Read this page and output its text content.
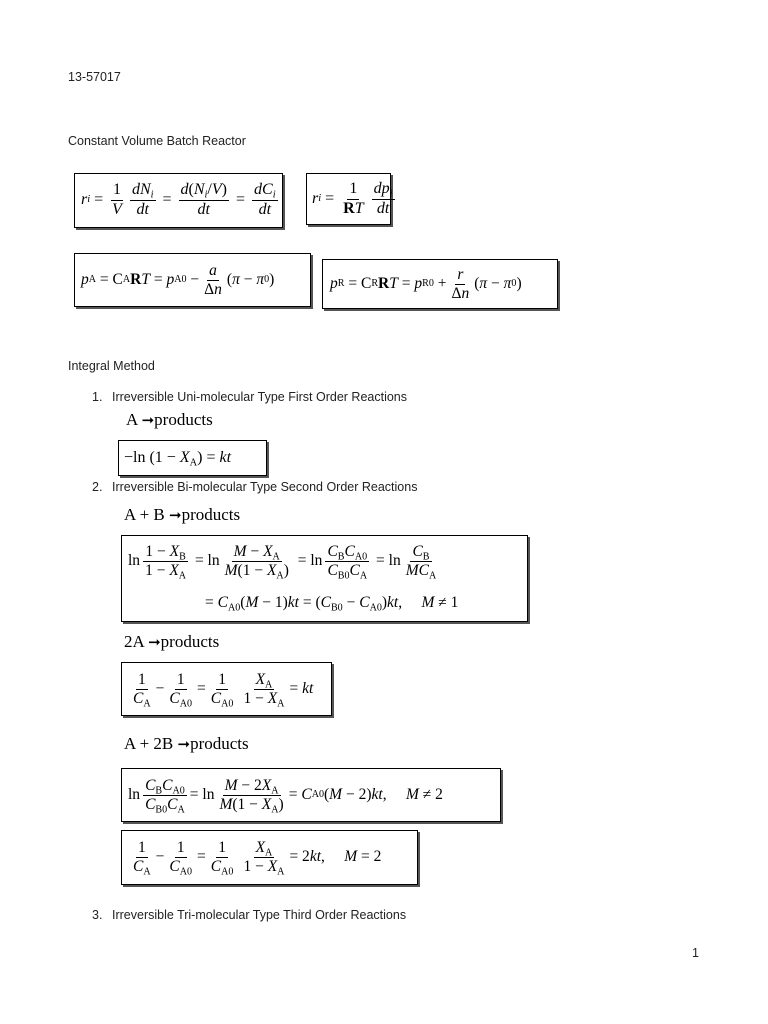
13-57017
Constant Volume Batch Reactor
r $i = \frac{1}{V} \frac{dN_i}{dt} = \frac{d(N_i/V)}{dt} = \frac{dC_i}{dt}$ r $i = \frac{1}{RT} \frac{dp_i}{dt}$
p A = C A R T = p $A0 - \frac{a}{\Delta n}$ ( π − π 0 )	p R = C R R T = p $R0 + \frac{r}{\Delta n}$ ( π − π 0 )
Integral Method
1. Irreversible Uni-molecular Type First Order Reactions
A ➞products
−ln $(1 - X_A)$ = kt
2. Irreversible Bi-molecular Type Second Order Reactions
A + B ➞products
$\ln \frac{1 - X_B}{1 - X_A} = \ln \frac{M - X_A}{M(1 - X_A)} = \ln \frac{C_BC_{A0}}{C_{B0}C_A} = \ln \frac{C_B}{MC_A}$
= $C_{A0}(M - 1)kt = (C_{B0} - C_{A0})kt$,     M ≠ 1
2A ➞products
$\frac{1}{C_A} - \frac{1}{C_{A0}} = \frac{1}{C_{A0}} \frac{X_A}{1 - X_A}$ = kt
A + 2B ➞products
$\ln \frac{C_BC_{A0}}{C_{B0}C_A} = \ln \frac{M - 2X_A}{M(1 - X_A)} = C$ A0 ( M − 2) kt , M ≠ 2
$\frac{1}{C_A} - \frac{1}{C_{A0}} = \frac{1}{C_{A0}} \frac{X_A}{1 - X_A} = 2$ kt , M = 2
3. Irreversible Tri-molecular Type Third Order Reactions
1
